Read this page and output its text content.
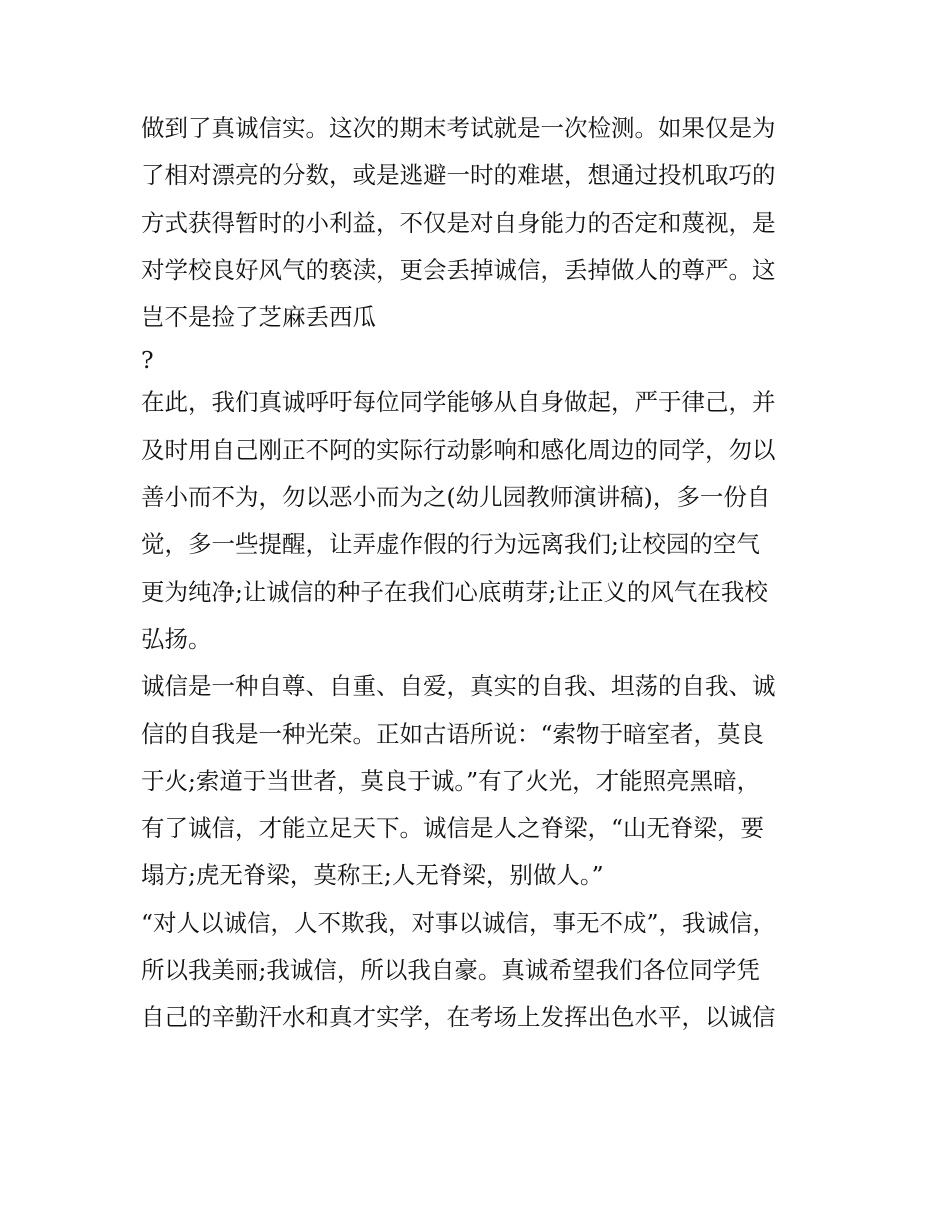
做到了真诚信实。这次的期末考试就是一次检测。如果仅是为
了相对漂亮的分数，或是逃避一时的难堪，想通过投机取巧的
方式获得暂时的小利益，不仅是对自身能力的否定和蔑视，是
对学校良好风气的亵渎，更会丢掉诚信，丢掉做人的尊严。这
岂不是捡了芝麻丢西瓜
?
在此，我们真诚呼吁每位同学能够从自身做起，严于律己，并
及时用自己刚正不阿的实际行动影响和感化周边的同学，勿以
善小而不为，勿以恶小而为之(幼儿园教师演讲稿)，多一份自
觉，多一些提醒，让弄虚作假的行为远离我们;让校园的空气
更为纯净;让诚信的种子在我们心底萌芽;让正义的风气在我校
弘扬。
诚信是一种自尊、自重、自爱，真实的自我、坦荡的自我、诚
信的自我是一种光荣。正如古语所说：“索物于暗室者，莫良
于火;索道于当世者，莫良于诚。”有了火光，才能照亮黑暗，
有了诚信，才能立足天下。诚信是人之脊梁，“山无脊梁，要
塌方;虎无脊梁，莫称王;人无脊梁，别做人。”
“对人以诚信，人不欺我，对事以诚信，事无不成”，我诚信，
所以我美丽;我诚信，所以我自豪。真诚希望我们各位同学凭
自己的辛勤汗水和真才实学，在考场上发挥出色水平，以诚信
